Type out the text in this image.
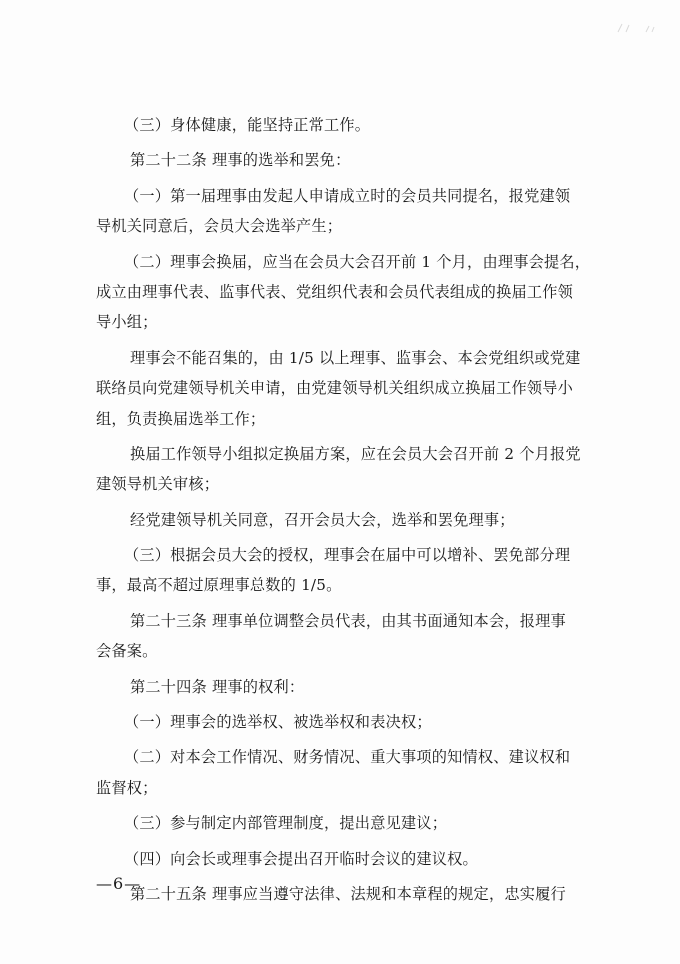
（三）身体健康，能坚持正常工作。
第二十二条 理事的选举和罢免：
（一）第一届理事由发起人申请成立时的会员共同提名，报党建领
导机关同意后，会员大会选举产生；
（二）理事会换届，应当在会员大会召开前 1 个月，由理事会提名，
成立由理事代表、监事代表、党组织代表和会员代表组成的换届工作领
导小组；
理事会不能召集的，由 1/5 以上理事、监事会、本会党组织或党建
联络员向党建领导机关申请，由党建领导机关组织成立换届工作领导小
组，负责换届选举工作；
换届工作领导小组拟定换届方案，应在会员大会召开前 2 个月报党
建领导机关审核；
经党建领导机关同意，召开会员大会，选举和罢免理事；
（三）根据会员大会的授权，理事会在届中可以增补、罢免部分理
事，最高不超过原理事总数的 1/5。
第二十三条 理事单位调整会员代表，由其书面通知本会，报理事
会备案。
第二十四条 理事的权利：
（一）理事会的选举权、被选举权和表决权；
（二）对本会工作情况、财务情况、重大事项的知情权、建议权和
监督权；
（三）参与制定内部管理制度，提出意见建议；
（四）向会长或理事会提出召开临时会议的建议权。
第二十五条 理事应当遵守法律、法规和本章程的规定，忠实履行
—6—
